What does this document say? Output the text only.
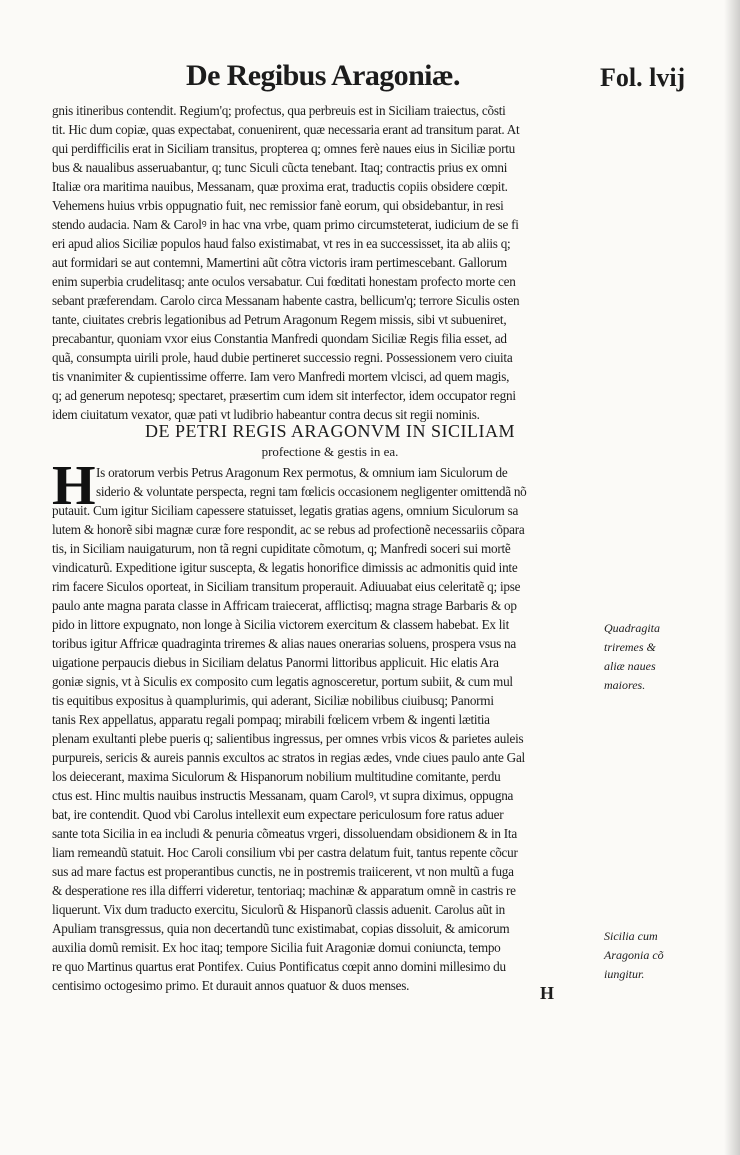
De Regibus Aragoniæ.	Fol. lvij
gnis itineribus contendit. Regium'q; profectus, qua perbreuis est in Siciliam traiectus, cõsti
tit. Hic dum copiæ, quas expectabat, conuenirent, quæ necessaria erant ad transitum parat. At
qui perdifficilis erat in Siciliam transitus, propterea q; omnes ferè naues eius in Siciliæ portu
bus & naualibus asseruabantur, q; tunc Siculi cũcta tenebant. Itaq; contractis prius ex omni
Italiæ ora maritima nauibus, Messanam, quæ proxima erat, traductis copiis obsidere cœpit.
Vehemens huius vrbis oppugnatio fuit, nec remissior fanè eorum, qui obsidebantur, in resi
stendo audacia. Nam & Carolꝰ in hac vna vrbe, quam primo circumsteterat, iudicium de se fi
eri apud alios Siciliæ populos haud falso existimabat, vt res in ea successisset, ita ab aliis q;
aut formidari se aut contemni, Mamertini aũt cõtra victoris iram pertimescebant. Gallorum
enim superbia crudelitasq; ante oculos versabatur. Cui fœditati honestam profecto morte cen
sebant præferendam. Carolo circa Messanam habente castra, bellicum'q; terrore Siculis osten
tante, ciuitates crebris legationibus ad Petrum Aragonum Regem missis, sibi vt subueniret,
precabantur, quoniam vxor eius Constantia Manfredi quondam Siciliæ Regis filia esset, ad
quã, consumpta uirili prole, haud dubie pertineret successio regni. Possessionem vero ciuita
tis vnanimiter & cupientissime offerre. Iam vero Manfredi mortem vlcisci, ad quem magis,
q; ad generum nepotesq; spectaret, præsertim cum idem sit interfector, idem occupator regni
idem ciuitatum vexator, quæ pati vt ludibrio habeantur contra decus sit regii nominis.
DE PETRI REGIS ARAGONVM IN SICILIAM
profectione & gestis in ea.
H Is oratorum verbis Petrus Aragonum Rex permotus, & omnium iam Siculorum de
siderio & voluntate perspecta, regni tam fœlicis occasionem negligenter omittendã nõ
putauit. Cum igitur Siciliam capessere statuisset, legatis gratias agens, omnium Siculorum sa
lutem & honorẽ sibi magnæ curæ fore respondit, ac se rebus ad profectionẽ necessariis cõpara
tis, in Siciliam nauigaturum, non tã regni cupiditate cõmotum, q; Manfredi soceri sui mortẽ
vindicaturũ. Expeditione igitur suscepta, & legatis honorifice dimissis ac admonitis quid inte
rim facere Siculos oporteat, in Siciliam transitum properauit. Adiuuabat eius celeritatẽ q; ipse
paulo ante magna parata classe in Affricam traiecerat, afflictisq; magna strage Barbaris & op
pido in littore expugnato, non longe à Sicilia victorem exercitum & classem habebat. Ex lit
toribus igitur Affricæ quadraginta triremes & alias naues onerarias soluens, prospera vsus na
uigatione perpaucis diebus in Siciliam delatus Panormi littoribus applicuit. Hic elatis Ara
goniæ signis, vt à Siculis ex composito cum legatis agnosceretur, portum subiit, & cum mul
tis equitibus expositus à quamplurimis, qui aderant, Siciliæ nobilibus ciuibusq; Panormi
tanis Rex appellatus, apparatu regali pompaq; mirabili fœlicem vrbem & ingenti lætitia
plenam exultanti plebe pueris q; salientibus ingressus, per omnes vrbis vicos & parietes auleis
purpureis, sericis & aureis pannis excultos ac stratos in regias ædes, vnde ciues paulo ante Gal
los deiecerant, maxima Siculorum & Hispanorum nobilium multitudine comitante, perdu
ctus est. Hinc multis nauibus instructis Messanam, quam Carolꝰ, vt supra diximus, oppugna
bat, ire contendit. Quod vbi Carolus intellexit eum expectare periculosum fore ratus aduer
sante tota Sicilia in ea includi & penuria cõmeatus vrgeri, dissoluendam obsidionem & in Ita
liam remeandũ statuit. Hoc Caroli consilium vbi per castra delatum fuit, tantus repente cõcur
sus ad mare factus est properantibus cunctis, ne in postremis traiicerent, vt non multũ a fuga
& desperatione res illa differri videretur, tentoriaq; machinæ & apparatum omnẽ in castris re
liquerunt. Vix dum traducto exercitu, Siculorũ & Hispanorũ classis aduenit. Carolus aũt in
Apuliam transgressus, quia non decertandũ tunc existimabat, copias dissoluit, & amicorum
auxilia domũ remisit. Ex hoc itaq; tempore Sicilia fuit Aragoniæ domui coniuncta, tempo
re quo Martinus quartus erat Pontifex. Cuius Pontificatus cœpit anno domini millesimo du
centisimo octogesimo primo. Et durauit annos quatuor & duos menses.
Quadragita
triremes &
aliæ naues
maiores.
Sicilia cum
Aragonia cõ
iungitur.
H
